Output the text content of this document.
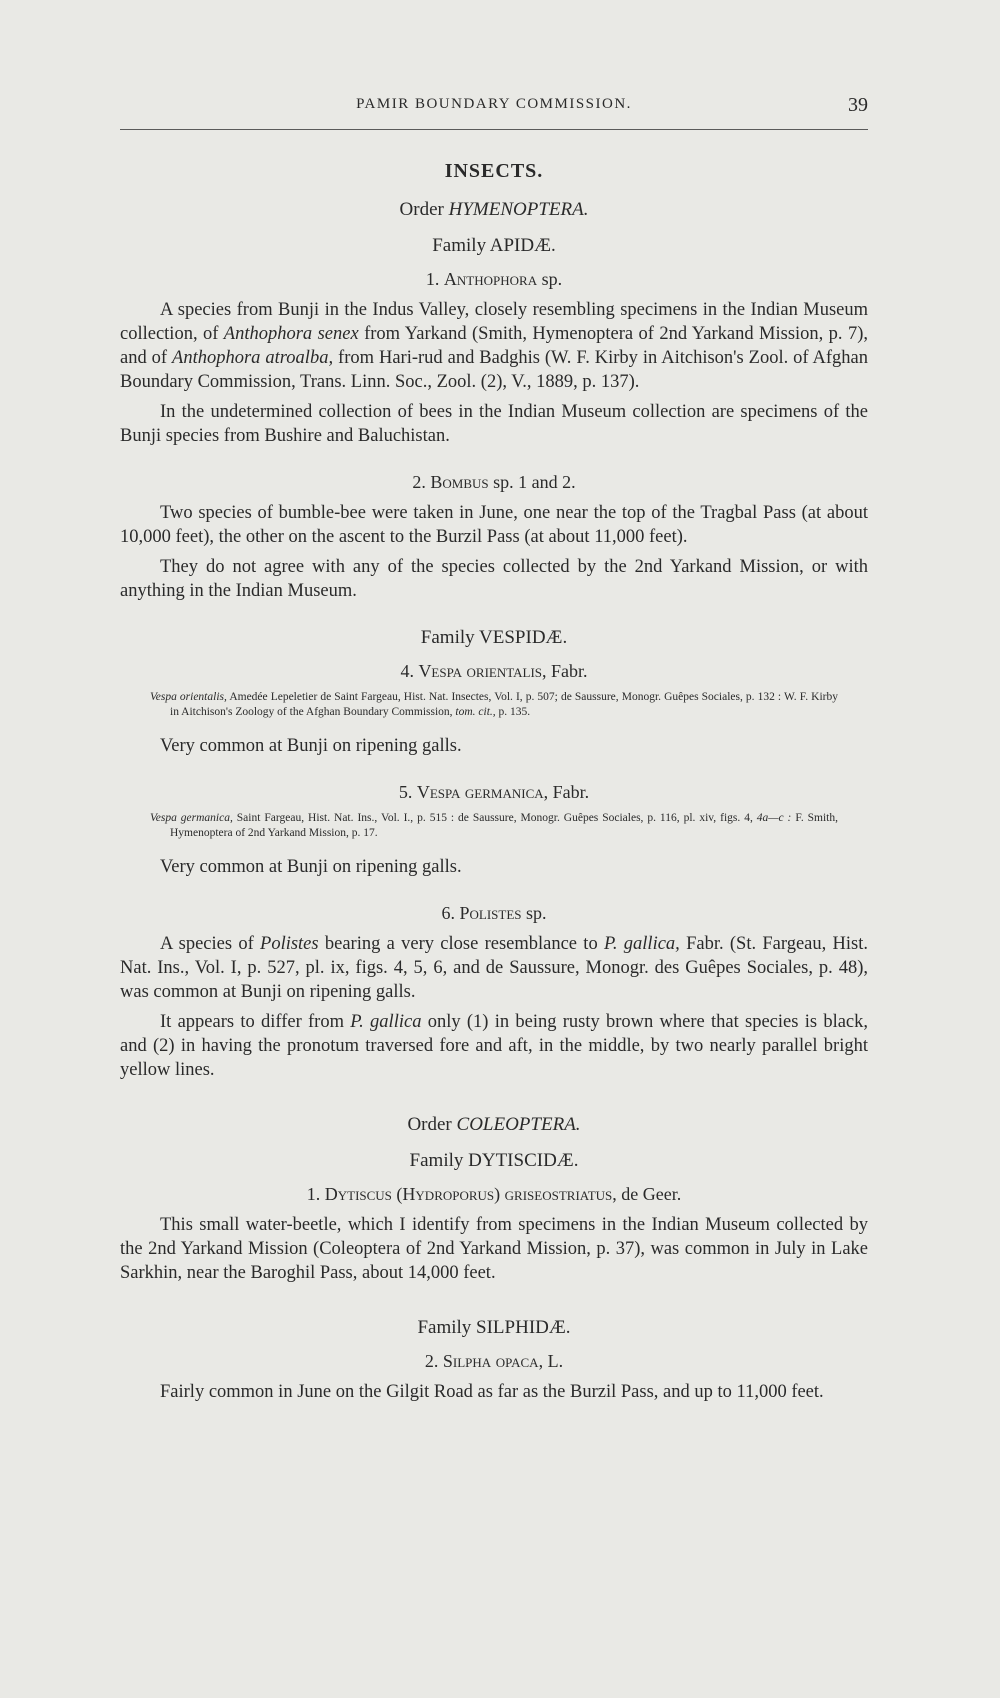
PAMIR BOUNDARY COMMISSION.	39
INSECTS.
Order HYMENOPTERA.
Family APIDÆ.
1. Anthophora sp.

A species from Bunji in the Indus Valley, closely resembling specimens in the Indian Museum collection, of Anthophora senex from Yarkand (Smith, Hymenoptera of 2nd Yarkand Mission, p. 7), and of Anthophora atroalba, from Hari-rud and Badghis (W. F. Kirby in Aitchison's Zool. of Afghan Boundary Commission, Trans. Linn. Soc., Zool. (2), V., 1889, p. 137).

In the undetermined collection of bees in the Indian Museum collection are specimens of the Bunji species from Bushire and Baluchistan.

2. Bombus sp. 1 and 2.

Two species of bumble-bee were taken in June, one near the top of the Tragbal Pass (at about 10,000 feet), the other on the ascent to the Burzil Pass (at about 11,000 feet).

They do not agree with any of the species collected by the 2nd Yarkand Mission, or with anything in the Indian Museum.

Family VESPIDÆ.
4. Vespa orientalis, Fabr.

Vespa orientalis, Amedée Lepeletier de Saint Fargeau, Hist. Nat. Insectes, Vol. I, p. 507; de Saussure, Monogr. Guêpes Sociales, p. 132 : W. F. Kirby in Aitchison's Zoology of the Afghan Boundary Commission, tom. cit., p. 135.

Very common at Bunji on ripening galls.

5. Vespa germanica, Fabr.

Vespa germanica, Saint Fargeau, Hist. Nat. Ins., Vol. I., p. 515 : de Saussure, Monogr. Guêpes Sociales, p. 116, pl. xiv, figs. 4, 4a—c : F. Smith, Hymenoptera of 2nd Yarkand Mission, p. 17.

Very common at Bunji on ripening galls.

6. Polistes sp.

A species of Polistes bearing a very close resemblance to P. gallica, Fabr. (St. Fargeau, Hist. Nat. Ins., Vol. I, p. 527, pl. ix, figs. 4, 5, 6, and de Saussure, Monogr. des Guêpes Sociales, p. 48), was common at Bunji on ripening galls.

It appears to differ from P. gallica only (1) in being rusty brown where that species is black, and (2) in having the pronotum traversed fore and aft, in the middle, by two nearly parallel bright yellow lines.

Order COLEOPTERA.
Family DYTISCIDÆ.
1. Dytiscus (Hydroporus) griseostriatus, de Geer.

This small water-beetle, which I identify from specimens in the Indian Museum collected by the 2nd Yarkand Mission (Coleoptera of 2nd Yarkand Mission, p. 37), was common in July in Lake Sarkhin, near the Baroghil Pass, about 14,000 feet.

Family SILPHIDÆ.
2. Silpha opaca, L.

Fairly common in June on the Gilgit Road as far as the Burzil Pass, and up to 11,000 feet.
